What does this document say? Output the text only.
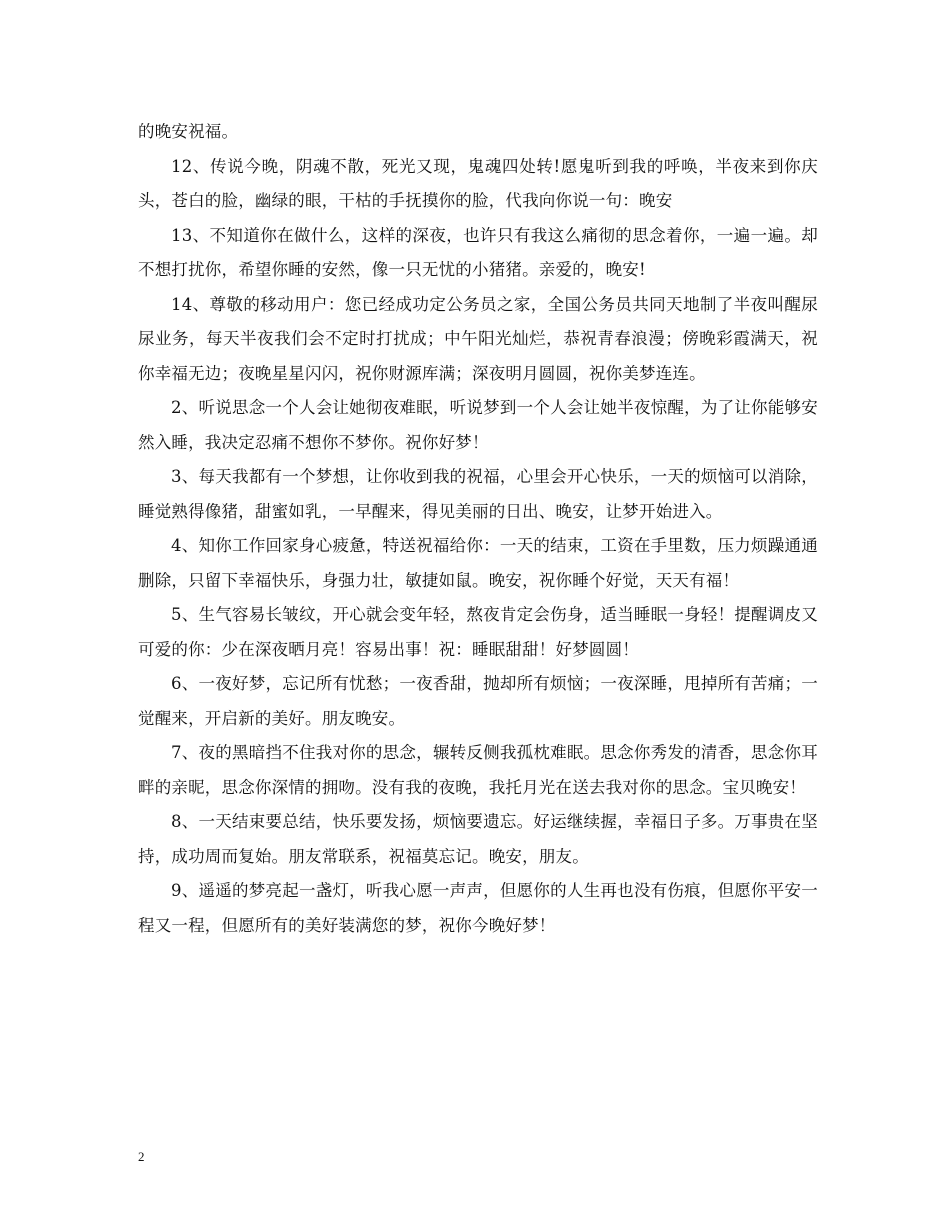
的晚安祝福。

12、传说今晚，阴魂不散，死光又现，鬼魂四处转!愿鬼听到我的呼唤，半夜来到你庆头，苍白的脸，幽绿的眼，干枯的手抚摸你的脸，代我向你说一句：晚安

13、不知道你在做什么，这样的深夜，也许只有我这么痛彻的思念着你，一遍一遍。却不想打扰你，希望你睡的安然，像一只无忧的小猪猪。亲爱的，晚安!

14、尊敬的移动用户：您已经成功定公务员之家，全国公务员共同天地制了半夜叫醒尿尿业务，每天半夜我们会不定时打扰成；中午阳光灿烂，恭祝青春浪漫；傍晚彩霞满天，祝你幸福无边；夜晚星星闪闪，祝你财源库满；深夜明月圆圆，祝你美梦连连。

2、听说思念一个人会让她彻夜难眠，听说梦到一个人会让她半夜惊醒，为了让你能够安然入睡，我决定忍痛不想你不梦你。祝你好梦！

3、每天我都有一个梦想，让你收到我的祝福，心里会开心快乐，一天的烦恼可以消除，睡觉熟得像猪，甜蜜如乳，一早醒来，得见美丽的日出、晚安，让梦开始进入。

4、知你工作回家身心疲惫，特送祝福给你：一天的结束，工资在手里数，压力烦躁通通删除，只留下幸福快乐，身强力壮，敏捷如鼠。晚安，祝你睡个好觉，天天有福！

5、生气容易长皱纹，开心就会变年轻，熬夜肯定会伤身，适当睡眠一身轻！提醒调皮又可爱的你：少在深夜晒月亮！容易出事！祝：睡眠甜甜！好梦圆圆！

6、一夜好梦，忘记所有忧愁；一夜香甜，抛却所有烦恼；一夜深睡，甩掉所有苦痛；一觉醒来，开启新的美好。朋友晚安。

7、夜的黑暗挡不住我对你的思念，辗转反侧我孤枕难眠。思念你秀发的清香，思念你耳畔的亲昵，思念你深情的拥吻。没有我的夜晚，我托月光在送去我对你的思念。宝贝晚安！

8、一天结束要总结，快乐要发扬，烦恼要遗忘。好运继续握，幸福日子多。万事贵在坚持，成功周而复始。朋友常联系，祝福莫忘记。晚安，朋友。

9、遥遥的梦亮起一盏灯，听我心愿一声声，但愿你的人生再也没有伤痕，但愿你平安一程又一程，但愿所有的美好装满您的梦，祝你今晚好梦！

2
